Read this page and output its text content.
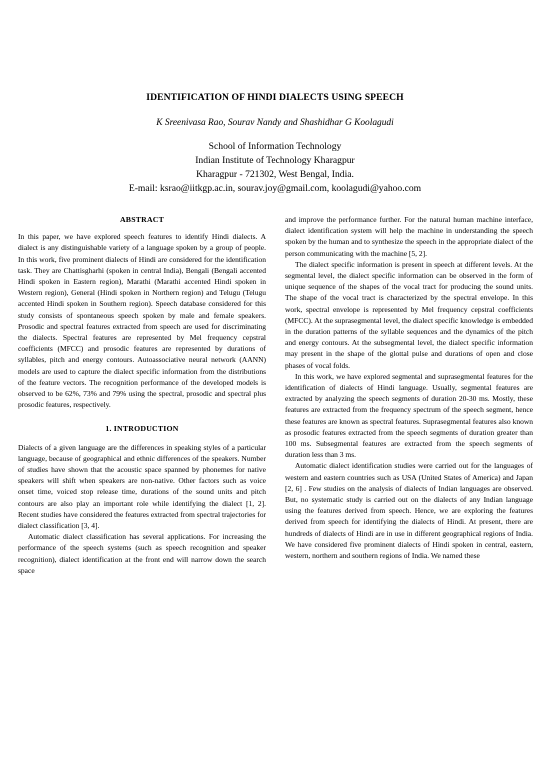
IDENTIFICATION OF HINDI DIALECTS USING SPEECH
K Sreenivasa Rao, Sourav Nandy and Shashidhar G Koolagudi
School of Information Technology
Indian Institute of Technology Kharagpur
Kharagpur - 721302, West Bengal, India.
E-mail: ksrao@iitkgp.ac.in, sourav.joy@gmail.com, koolagudi@yahoo.com
ABSTRACT

In this paper, we have explored speech features to identify Hindi dialects. A dialect is any distinguishable variety of a language spoken by a group of people. In this work, five prominent dialects of Hindi are considered for the identification task. They are Chattisgharhi (spoken in central India), Bengali (Bengali accented Hindi spoken in Eastern region), Marathi (Marathi accented Hindi spoken in Western region), General (Hindi spoken in Northern region) and Telugu (Telugu accented Hindi spoken in Southern region). Speech database considered for this study consists of spontaneous speech spoken by male and female speakers. Prosodic and spectral features extracted from speech are used for discriminating the dialects. Spectral features are represented by Mel frequency cepstral coefficients (MFCC) and prosodic features are represented by durations of syllables, pitch and energy contours. Autoassociative neural network (AANN) models are used to capture the dialect specific information from the distributions of the feature vectors. The recognition performance of the developed models is observed to be 62%, 73% and 79% using the spectral, prosodic and spectral plus prosodic features, respectively.

1. INTRODUCTION

Dialects of a given language are the differences in speaking styles of a particular language, because of geographical and ethnic differences of the speakers. Number of studies have shown that the acoustic space spanned by phonemes for native speakers will shift when speakers are non-native. Other factors such as voice onset time, voiced stop release time, durations of the sound units and pitch contours are also play an important role while identifying the dialect [1, 2]. Recent studies have considered the features extracted from spectral trajectories for dialect classification [3, 4].

Automatic dialect classification has several applications. For increasing the performance of the speech systems (such as speech recognition and speaker recognition), dialect identification at the front end will narrow down the search space

and improve the performance further. For the natural human machine interface, dialect identification system will help the machine in understanding the speech spoken by the human and to synthesize the speech in the appropriate dialect of the person communicating with the machine [5, 2].

The dialect specific information is present in speech at different levels. At the segmental level, the dialect specific information can be observed in the form of unique sequence of the shapes of the vocal tract for producing the sound units. The shape of the vocal tract is characterized by the spectral envelope. In this work, spectral envelope is represented by Mel frequency cepstral coefficients (MFCC). At the suprasegmental level, the dialect specific knowledge is embedded in the duration patterns of the syllable sequences and the dynamics of the pitch and energy contours. At the subsegmental level, the dialect specific information may present in the shape of the glottal pulse and durations of open and close phases of vocal folds.

In this work, we have explored segmental and suprasegmental features for the identification of dialects of Hindi language. Usually, segmental features are extracted by analyzing the speech segments of duration 20-30 ms. Mostly, these features are extracted from the frequency spectrum of the speech segment, hence these features are known as spectral features. Suprasegmental features also known as prosodic features extracted from the speech segments of duration greater than 100 ms. Subsegmental features are extracted from the speech segments of duration less than 3 ms.

Automatic dialect identification studies were carried out for the languages of western and eastern countries such as USA (United States of America) and Japan [2, 6] . Few studies on the analysis of dialects of Indian languages are observed. But, no systematic study is carried out on the dialects of any Indian language using the features derived from speech. Hence, we are exploring the features derived from speech for identifying the dialects of Hindi. At present, there are hundreds of dialects of Hindi are in use in different geographical regions of India. We have considered five prominent dialects of Hindi spoken in central, eastern, western, northern and southern regions of India. We named these
